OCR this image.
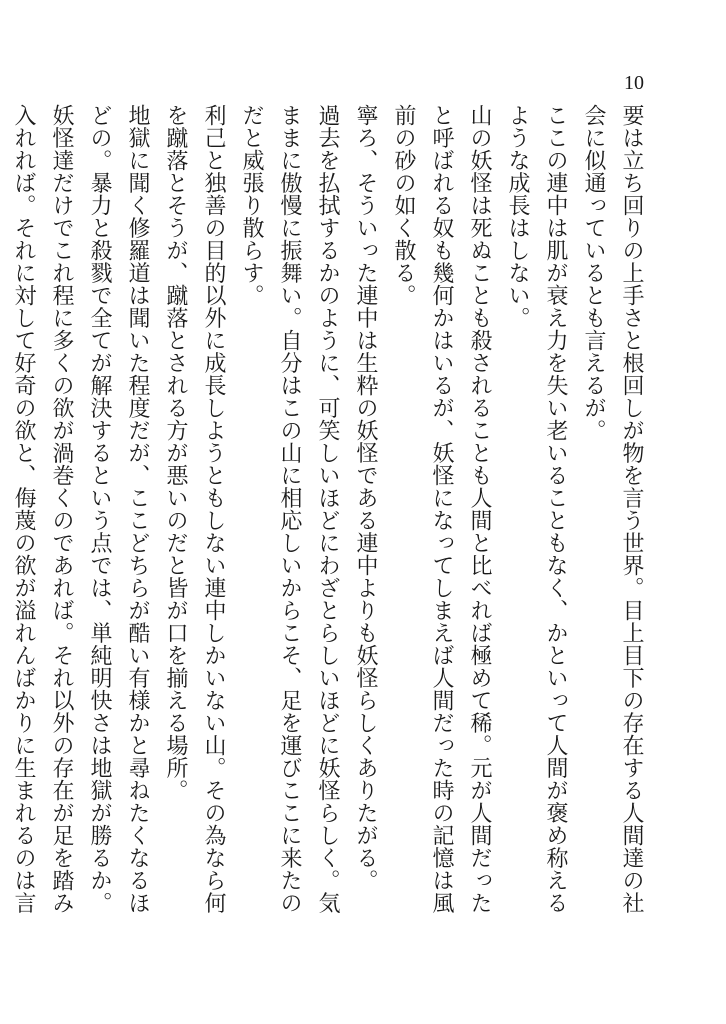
10

要は立ち回りの上手さと根回しが物を言う世界。目上目下の存在する人間達の社会に似通っているとも言えるが。

ここの連中は肌が衰え力を失い老いることもなく、かといって人間が褒め称えるような成長はしない。

山の妖怪は死ぬことも殺されることも人間と比べれば極めて稀。元が人間だったと呼ばれる奴も幾何かはいるが、妖怪になってしまえば人間だった時の記憶は風前の砂の如く散る。

寧ろ、そういった連中は生粋の妖怪である連中よりも妖怪らしくありたがる。

過去を払拭するかのように、可笑しいほどにわざとらしいほどに妖怪らしく。気ままに傲慢に振舞い。自分はこの山に相応しいからこそ、足を運びここに来たのだと威張り散らす。

利己と独善の目的以外に成長しようともしない連中しかいない山。その為なら何を蹴落とそうが、蹴落とされる方が悪いのだと皆が口を揃える場所。

地獄に聞く修羅道は聞いた程度だが、ここどちらが酷い有様かと尋ねたくなるほどの。暴力と殺戮で全てが解決するという点では、単純明快さは地獄が勝るか。

妖怪達だけでこれ程に多くの欲が渦巻くのであれば。それ以外の存在が足を踏み入れれば。それに対して好奇の欲と、侮蔑の欲が溢れんばかりに生まれるのは言
